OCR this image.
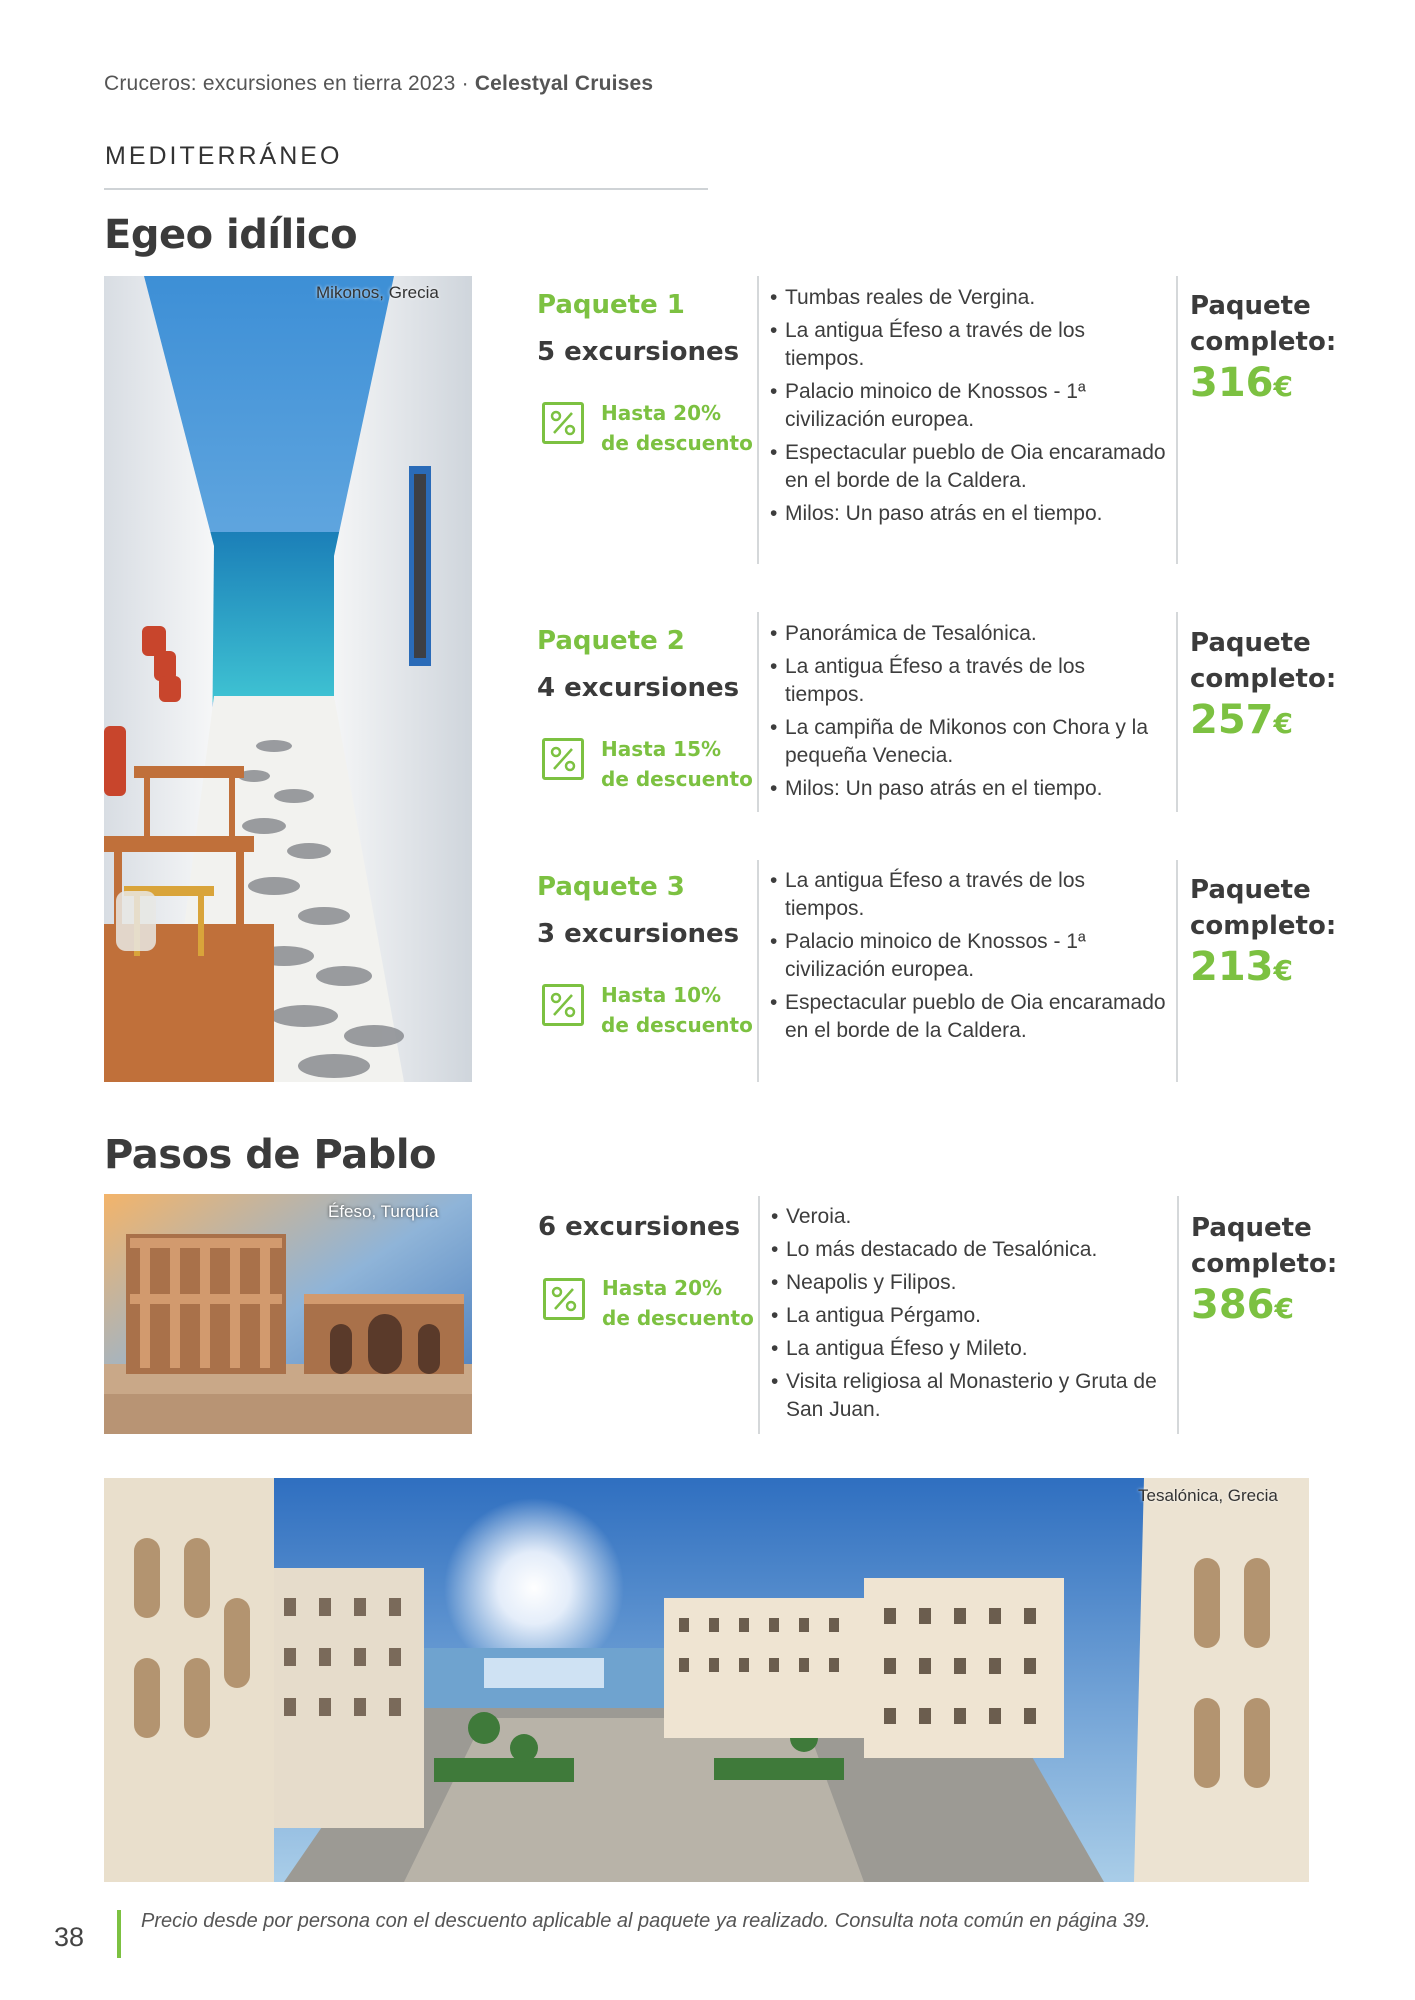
Cruceros: excursiones en tierra 2023 · Celestyal Cruises
MEDITERRÁNEO
Egeo idílico
Mikonos, Grecia	Paquete 1
5 excursiones
Hasta 20%
de descuento
• Tumbas reales de Vergina.
• La antigua Éfeso a través de los tiempos.
• Palacio minoico de Knossos - 1ª civilización europea.
• Espectacular pueblo de Oia encaramado en el borde de la Caldera.
• Milos: Un paso atrás en el tiempo.
Paquete
completo:
316€
Paquete 2
4 excursiones
Hasta 15%
de descuento
• Panorámica de Tesalónica.
• La antigua Éfeso a través de los tiempos.
• La campiña de Mikonos con Chora y la pequeña Venecia.
• Milos: Un paso atrás en el tiempo.
Paquete
completo:
257€
Paquete 3
3 excursiones
Hasta 10%
de descuento
• La antigua Éfeso a través de los tiempos.
• Palacio minoico de Knossos - 1ª civilización europea.
• Espectacular pueblo de Oia encaramado en el borde de la Caldera.
Paquete
completo:
213€
Pasos de Pablo
Éfeso, Turquía
6 excursiones
Hasta 20%
de descuento
• Veroia.
• Lo más destacado de Tesalónica.
• Neapolis y Filipos.
• La antigua Pérgamo.
• La antigua Éfeso y Mileto.
• Visita religiosa al Monasterio y Gruta de San Juan.
Paquete
completo:
386€
Tesalónica, Grecia
38
Precio desde por persona con el descuento aplicable al paquete ya realizado. Consulta nota común en página 39.
